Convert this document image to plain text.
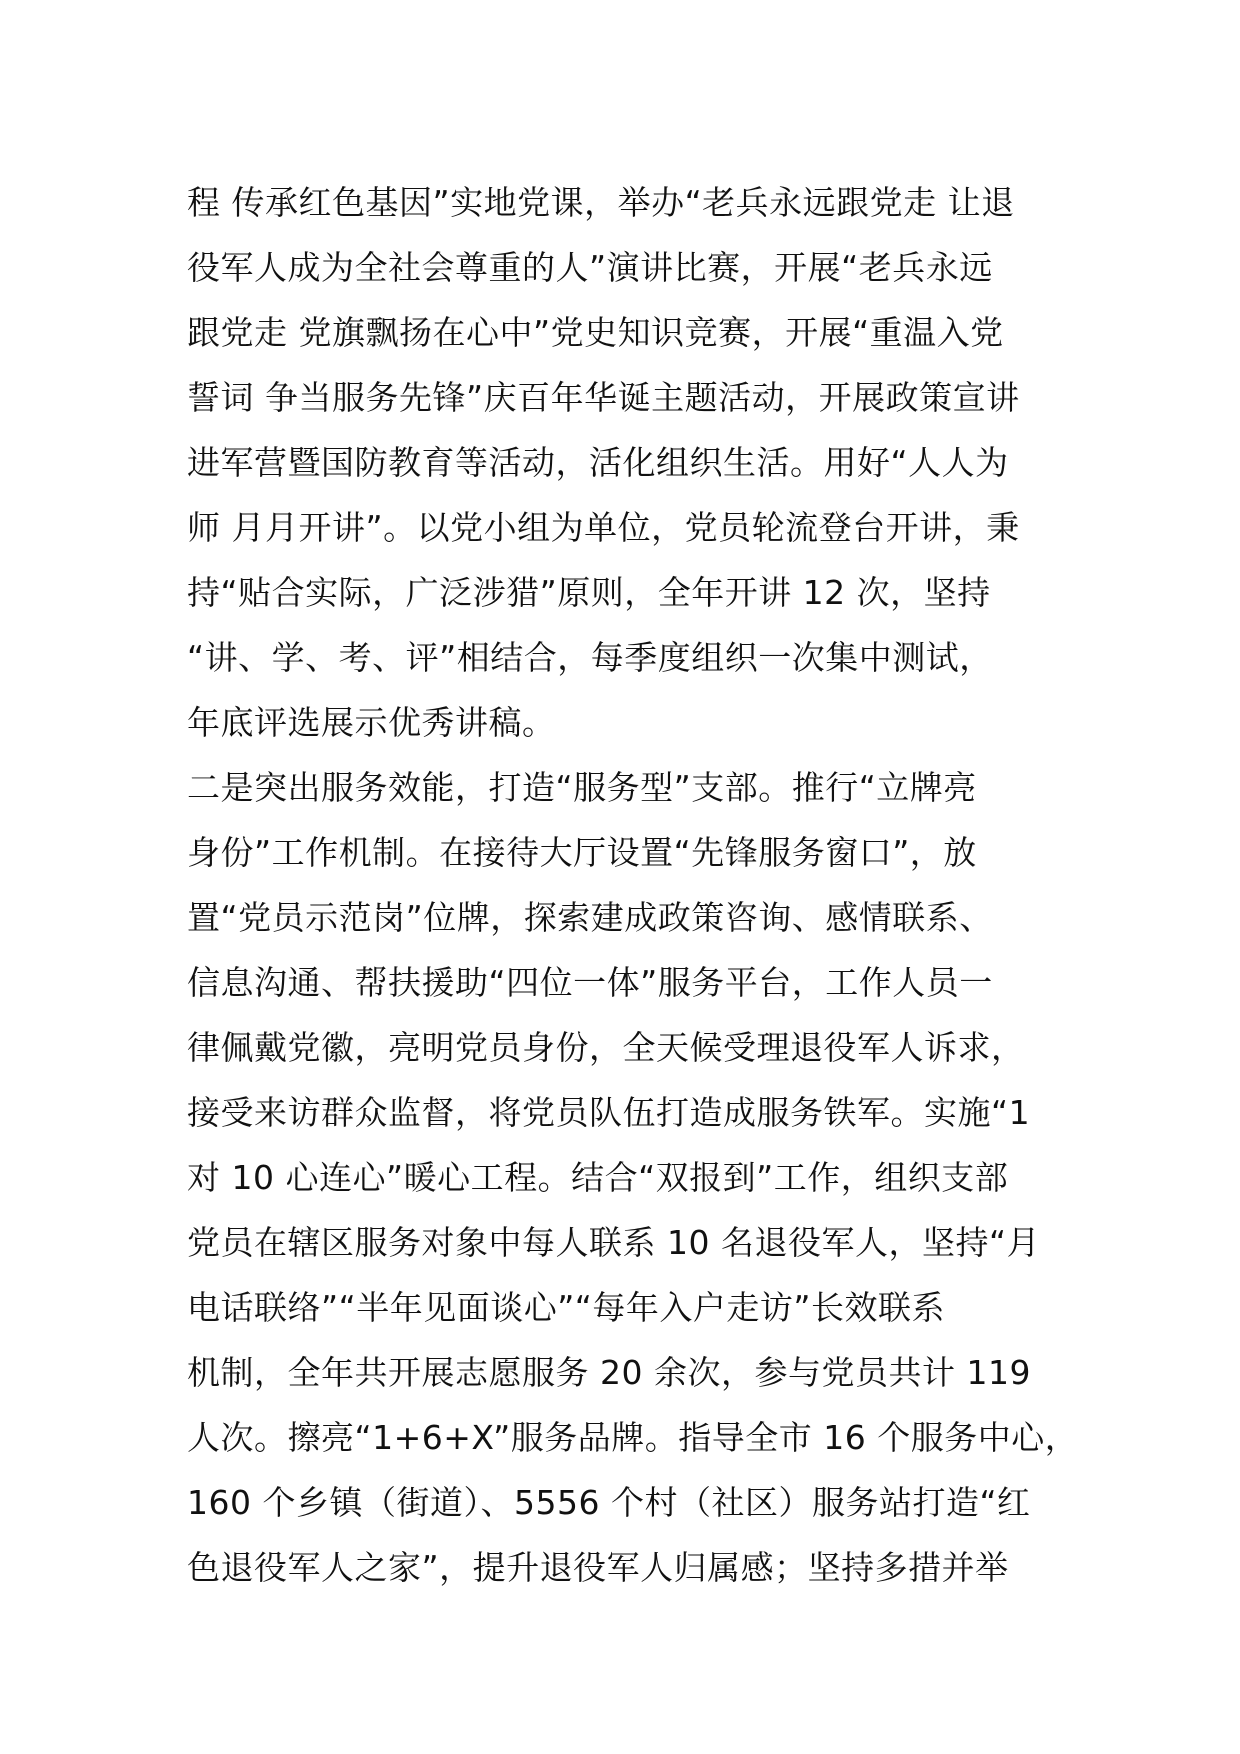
程 传承红色基因”实地党课，举办“老兵永远跟党走 让退
役军人成为全社会尊重的人”演讲比赛，开展“老兵永远
跟党走 党旗飘扬在心中”党史知识竞赛，开展“重温入党
誓词 争当服务先锋”庆百年华诞主题活动，开展政策宣讲
进军营暨国防教育等活动，活化组织生活。用好“人人为
师 月月开讲”。以党小组为单位，党员轮流登台开讲，秉
持“贴合实际，广泛涉猎”原则，全年开讲 12 次，坚持
“讲、学、考、评”相结合，每季度组织一次集中测试，
年底评选展示优秀讲稿。
二是突出服务效能，打造“服务型”支部。推行“立牌亮
身份”工作机制。在接待大厅设置“先锋服务窗口”，放
置“党员示范岗”位牌，探索建成政策咨询、感情联系、
信息沟通、帮扶援助“四位一体”服务平台，工作人员一
律佩戴党徽，亮明党员身份，全天候受理退役军人诉求，
接受来访群众监督，将党员队伍打造成服务铁军。实施“1
对 10 心连心”暖心工程。结合“双报到”工作，组织支部
党员在辖区服务对象中每人联系 10 名退役军人，坚持“月
电话联络”“半年见面谈心”“每年入户走访”长效联系
机制，全年共开展志愿服务 20 余次，参与党员共计 119
人次。擦亮“1+6+X”服务品牌。指导全市 16 个服务中心，
160 个乡镇（街道）、5556 个村（社区）服务站打造“红
色退役军人之家”，提升退役军人归属感；坚持多措并举
